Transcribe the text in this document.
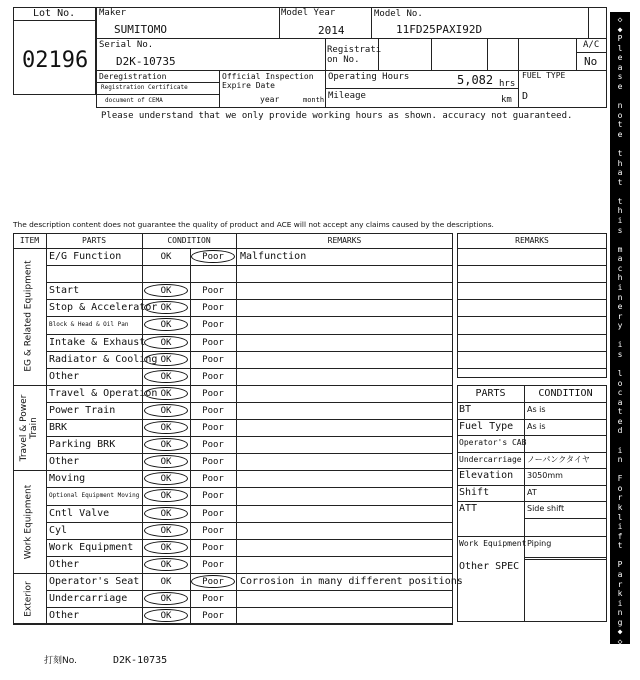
Lot No.
02196
Maker
SUMITOMO
Model Year
2014
Model No.
11FD25PAXI92D
Serial No.
D2K-10735
Registrati
on No.
A/C
No
Deregistration
Registration Certificate
document of CEMA
Official Inspection
Expire Date
year	month
Operating Hours	5,082 hrs
Mileage	km
FUEL TYPE
D
Please understand that we only provide working hours as shown. accuracy not guaranteed.
The description content does not guarantee the quality of product and ACE will not accept any claims caused by the descriptions.
ITEM	PARTS	CONDITION	REMARKS
E/G Function	OK	Poor	Malfunction
Start	OK	Poor
Stop & Accelerator OK	Poor
Block & Head & Oil Pan	OK	Poor
Intake & Exhaust	OK	Poor
Radiator & Cooling OK	Poor
Other	OK	Poor
EG & Related Equipment
Travel & Operation OK	Poor
Power Train	OK	Poor
BRK	OK	Poor
Parking BRK	OK	Poor
Other	OK	Poor
Travel & Power Train
Moving	OK	Poor
Optional Equipment Moving	OK	Poor
Cntl Valve	OK	Poor
Cyl	OK	Poor
Work Equipment	OK	Poor
Other	OK	Poor
Work Equipment
Operator's Seat	OK	Poor	Corrosion in many different positions
Undercarriage	OK	Poor
Other	OK	Poor
Exterior
REMARKS
PARTS	CONDITION
BT	As is
Fuel Type As is
Operator's CAB
Undercarriage ノーパンクタイヤ
Elevation 3050mm
Shift	AT
ATT	Side shift
Work Equipment Piping
Other SPEC
打刻No.	D2K-10735
◇
◆
P
l
e
a
s
e
n
o
t
e
t
h
a
t
t
h
i
s
m
a
c
h
i
n
e
r
y
i
s
l
o
c
a
t
e
d
i
n
F
o
r
k
l
i
f
t
P
a
r
k
i
n
g
◆
◇
